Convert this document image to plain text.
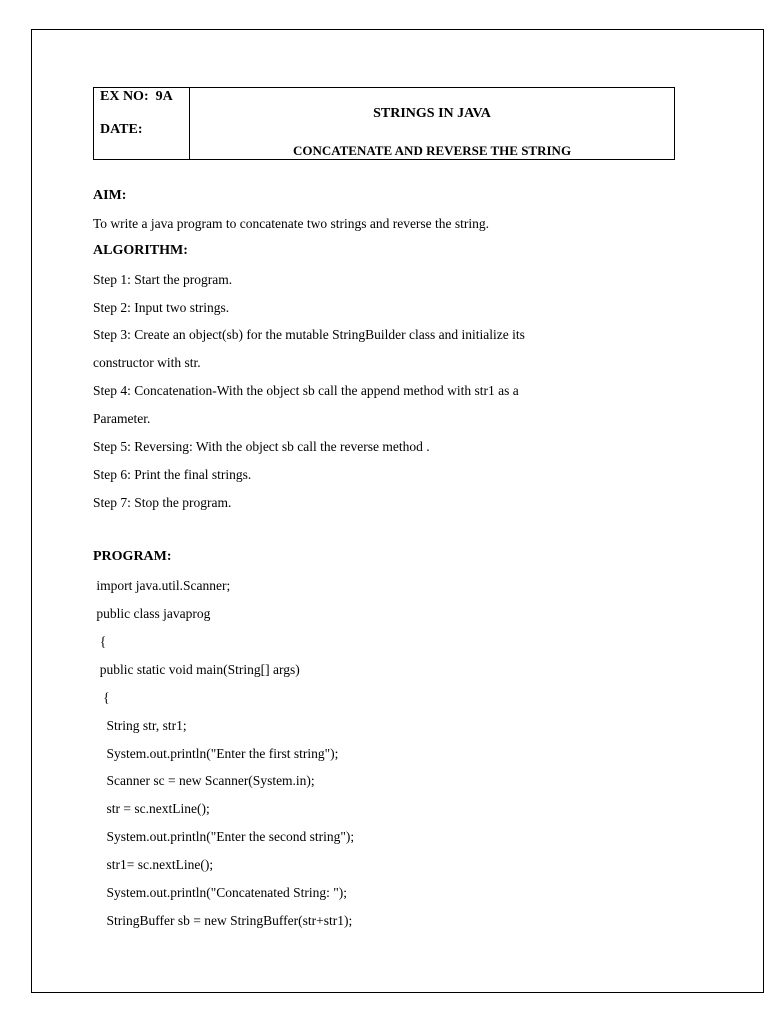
EX NO:  9A
DATE:
STRINGS IN JAVA
CONCATENATE AND REVERSE THE STRING
AIM:
To write a java program to concatenate two strings and reverse the string.
ALGORITHM:
Step 1: Start the program.
Step 2: Input two strings.
Step 3: Create an object(sb) for the mutable StringBuilder class and initialize its
constructor with str.
Step 4: Concatenation-With the object sb call the append method with str1 as a
Parameter.
Step 5: Reversing: With the object sb call the reverse method .
Step 6: Print the final strings.
Step 7: Stop the program.
PROGRAM:
import java.util.Scanner;
public class javaprog
{
public static void main(String[] args)
{
String str, str1;
System.out.println("Enter the first string");
Scanner sc = new Scanner(System.in);
str = sc.nextLine();
System.out.println("Enter the second string");
str1= sc.nextLine();
System.out.println("Concatenated String: ");
StringBuffer sb = new StringBuffer(str+str1);
